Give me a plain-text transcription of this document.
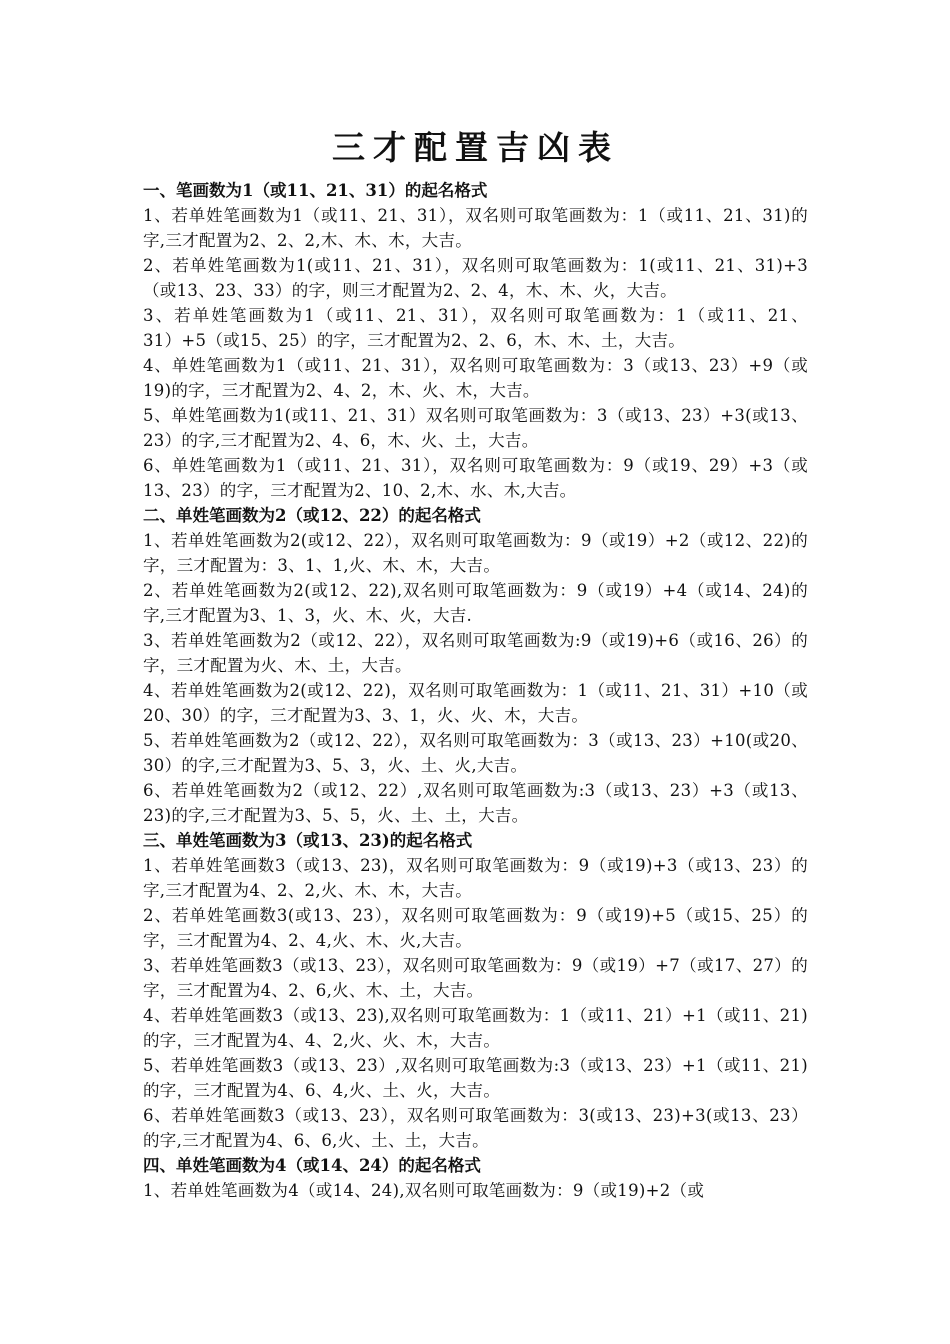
三才配置吉凶表

一、笔画数为1（或11、21、31）的起名格式

1、若单姓笔画数为1（或11、21、31），双名则可取笔画数为：1（或11、21、31)的字,三才配置为2、2、2,木、木、木，大吉。

2、若单姓笔画数为1(或11、21、31），双名则可取笔画数为：1(或11、21、31)+3（或13、23、33）的字，则三才配置为2、2、4，木、木、火，大吉。

3、若单姓笔画数为1（或11、21、31），双名则可取笔画数为：1（或11、21、31）+5（或15、25）的字，三才配置为2、2、6，木、木、土，大吉。

4、单姓笔画数为1（或11、21、31），双名则可取笔画数为：3（或13、23）+9（或19)的字，三才配置为2、4、2，木、火、木，大吉。

5、单姓笔画数为1(或11、21、31）双名则可取笔画数为：3（或13、23）+3(或13、23）的字,三才配置为2、4、6，木、火、土，大吉。

6、单姓笔画数为1（或11、21、31），双名则可取笔画数为：9（或19、29）+3（或13、23）的字，三才配置为2、10、2,木、水、木,大吉。

二、单姓笔画数为2（或12、22）的起名格式

1、若单姓笔画数为2(或12、22），双名则可取笔画数为：9（或19）+2（或12、22)的字，三才配置为：3、1、1,火、木、木，大吉。

2、若单姓笔画数为2(或12、22),双名则可取笔画数为：9（或19）+4（或14、24)的字,三才配置为3、1、3，火、木、火，大吉.

3、若单姓笔画数为2（或12、22），双名则可取笔画数为:9（或19)+6（或16、26）的字，三才配置为火、木、土，大吉。

4、若单姓笔画数为2(或12、22)，双名则可取笔画数为：1（或11、21、31）+10（或20、30）的字，三才配置为3、3、1，火、火、木，大吉。

5、若单姓笔画数为2（或12、22），双名则可取笔画数为：3（或13、23）+10(或20、30）的字,三才配置为3、5、3，火、土、火,大吉。

6、若单姓笔画数为2（或12、22）,双名则可取笔画数为:3（或13、23）+3（或13、23)的字,三才配置为3、5、5，火、土、土，大吉。

三、单姓笔画数为3（或13、23)的起名格式

1、若单姓笔画数3（或13、23)，双名则可取笔画数为：9（或19)+3（或13、23）的字,三才配置为4、2、2,火、木、木，大吉。

2、若单姓笔画数3(或13、23），双名则可取笔画数为：9（或19)+5（或15、25）的字，三才配置为4、2、4,火、木、火,大吉。

3、若单姓笔画数3（或13、23），双名则可取笔画数为：9（或19）+7（或17、27）的字，三才配置为4、2、6,火、木、土，大吉。

4、若单姓笔画数3（或13、23),双名则可取笔画数为：1（或11、21）+1（或11、21)的字，三才配置为4、4、2,火、火、木，大吉。

5、若单姓笔画数3（或13、23）,双名则可取笔画数为:3（或13、23）+1（或11、21)的字，三才配置为4、6、4,火、土、火，大吉。

6、若单姓笔画数3（或13、23），双名则可取笔画数为：3(或13、23)+3(或13、23）的字,三才配置为4、6、6,火、土、土，大吉。

四、单姓笔画数为4（或14、24）的起名格式

1、若单姓笔画数为4（或14、24),双名则可取笔画数为：9（或19)+2（或
